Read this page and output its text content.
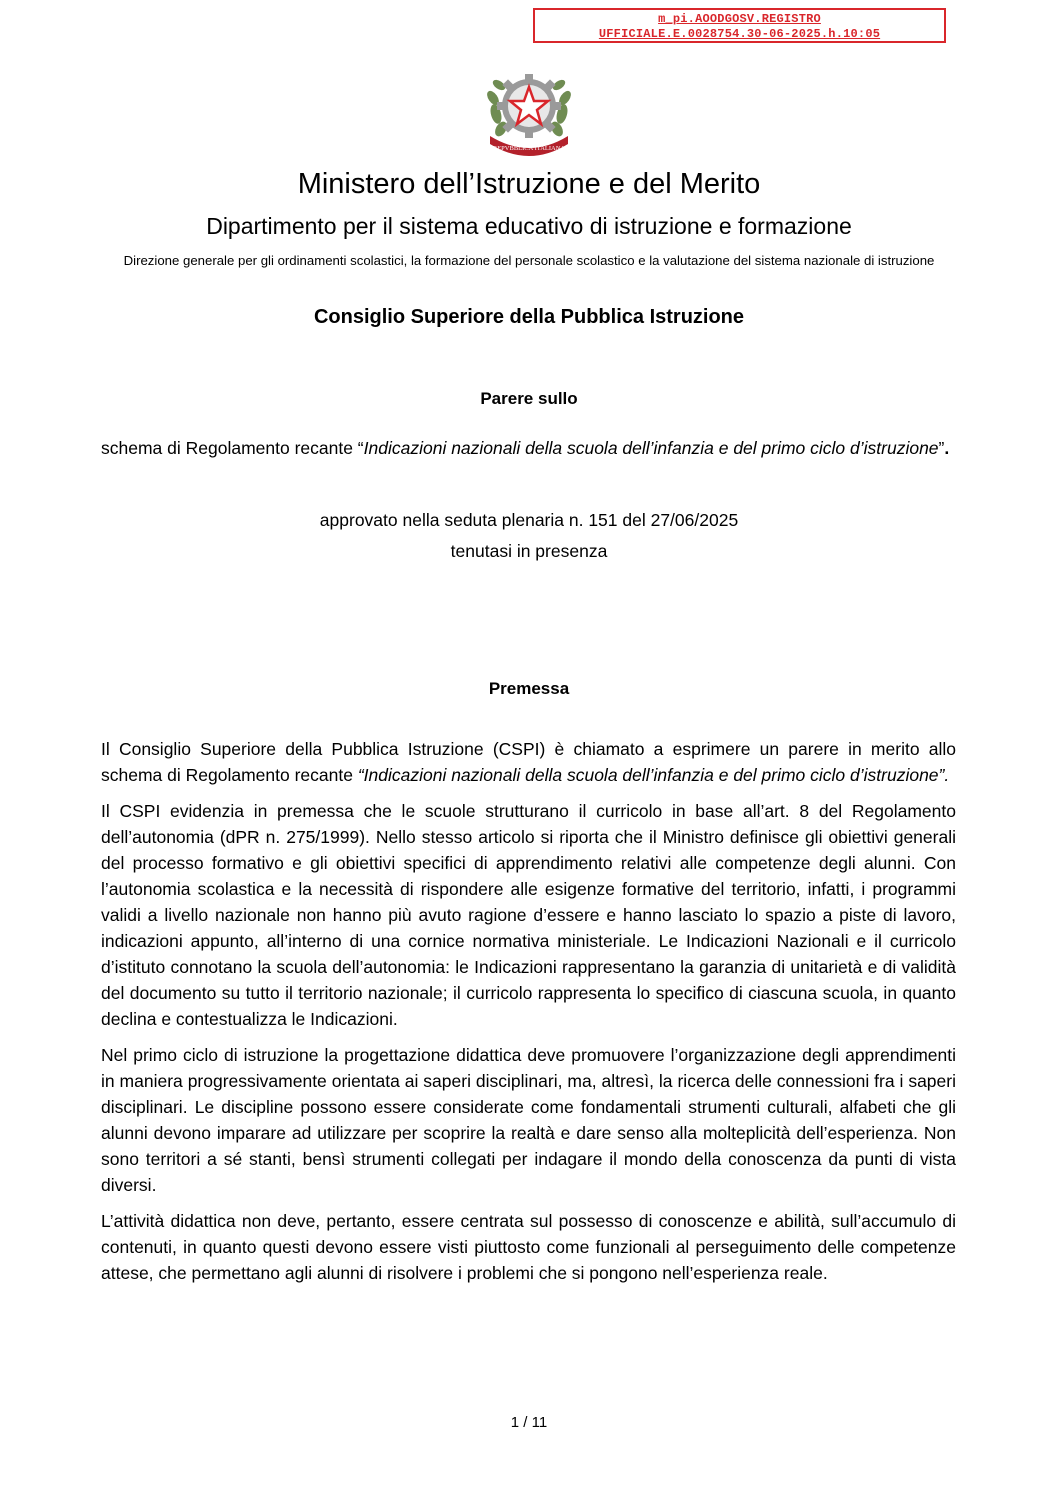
m_pi.AOODGOSV.REGISTRO
UFFICIALE.E.0028754.30-06-2025.h.10:05
REPVBBLICA ITALIANA
Ministero dell’Istruzione e del Merito
Dipartimento per il sistema educativo di istruzione e formazione
Direzione generale per gli ordinamenti scolastici, la formazione del personale scolastico e la valutazione del sistema nazionale di istruzione
Consiglio Superiore della Pubblica Istruzione
Parere sullo
schema di Regolamento recante “Indicazioni nazionali della scuola dell’infanzia e del primo ciclo d’istruzione”.
approvato nella seduta plenaria n. 151 del 27/06/2025
tenutasi in presenza
Premessa

Il Consiglio Superiore della Pubblica Istruzione (CSPI) è chiamato a esprimere un parere in merito allo schema di Regolamento recante “Indicazioni nazionali della scuola dell’infanzia e del primo ciclo d’istruzione”.

Il CSPI evidenzia in premessa che le scuole strutturano il curricolo in base all’art. 8 del Regolamento dell’autonomia (dPR n. 275/1999). Nello stesso articolo si riporta che il Ministro definisce gli obiettivi generali del processo formativo e gli obiettivi specifici di apprendimento relativi alle competenze degli alunni. Con l’autonomia scolastica e la necessità di rispondere alle esigenze formative del territorio, infatti, i programmi validi a livello nazionale non hanno più avuto ragione d’essere e hanno lasciato lo spazio a piste di lavoro, indicazioni appunto, all’interno di una cornice normativa ministeriale. Le Indicazioni Nazionali e il curricolo d’istituto connotano la scuola dell’autonomia: le Indicazioni rappresentano la garanzia di unitarietà e di validità del documento su tutto il territorio nazionale; il curricolo rappresenta lo specifico di ciascuna scuola, in quanto declina e contestualizza le Indicazioni.

Nel primo ciclo di istruzione la progettazione didattica deve promuovere l’organizzazione degli apprendimenti in maniera progressivamente orientata ai saperi disciplinari, ma, altresì, la ricerca delle connessioni fra i saperi disciplinari. Le discipline possono essere considerate come fondamentali strumenti culturali, alfabeti che gli alunni devono imparare ad utilizzare per scoprire la realtà e dare senso alla molteplicità dell’esperienza. Non sono territori a sé stanti, bensì strumenti collegati per indagare il mondo della conoscenza da punti di vista diversi.

L’attività didattica non deve, pertanto, essere centrata sul possesso di conoscenze e abilità, sull’accumulo di contenuti, in quanto questi devono essere visti piuttosto come funzionali al perseguimento delle competenze attese, che permettano agli alunni di risolvere i problemi che si pongono nell’esperienza reale.

1 / 11
